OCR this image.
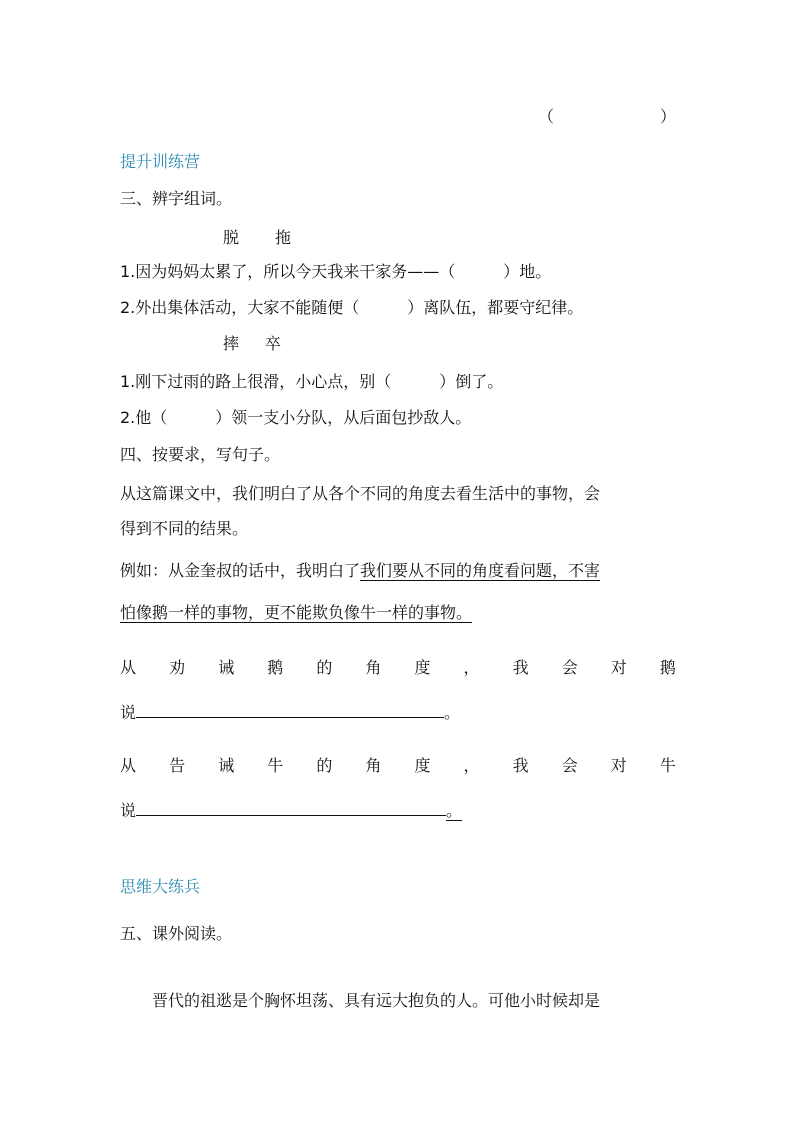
（	）
提升训练营
三、辨字组词。
脱 拖
1.因为妈妈太累了，所以今天我来干家务——（　　　）地。
2.外出集体活动，大家不能随便（　　　）离队伍，都要守纪律。
摔 卒
1.刚下过雨的路上很滑，小心点，别（　　　）倒了。
2.他（　　　）领一支小分队，从后面包抄敌人。
四、按要求，写句子。
从这篇课文中，我们明白了从各个不同的角度去看生活中的事物，会
得到不同的结果。
例如：从金奎叔的话中，我明白了我们要从不同的角度看问题，不害
怕像鹅一样的事物，更不能欺负像牛一样的事物。
从 劝 诫 鹅 的 角 度 ， 我 会 对 鹅
说	。
从 告 诫 牛 的 角 度 ， 我 会 对 牛
说	。
思维大练兵
五、课外阅读。
晋代的祖逖是个胸怀坦荡、具有远大抱负的人。可他小时候却是
